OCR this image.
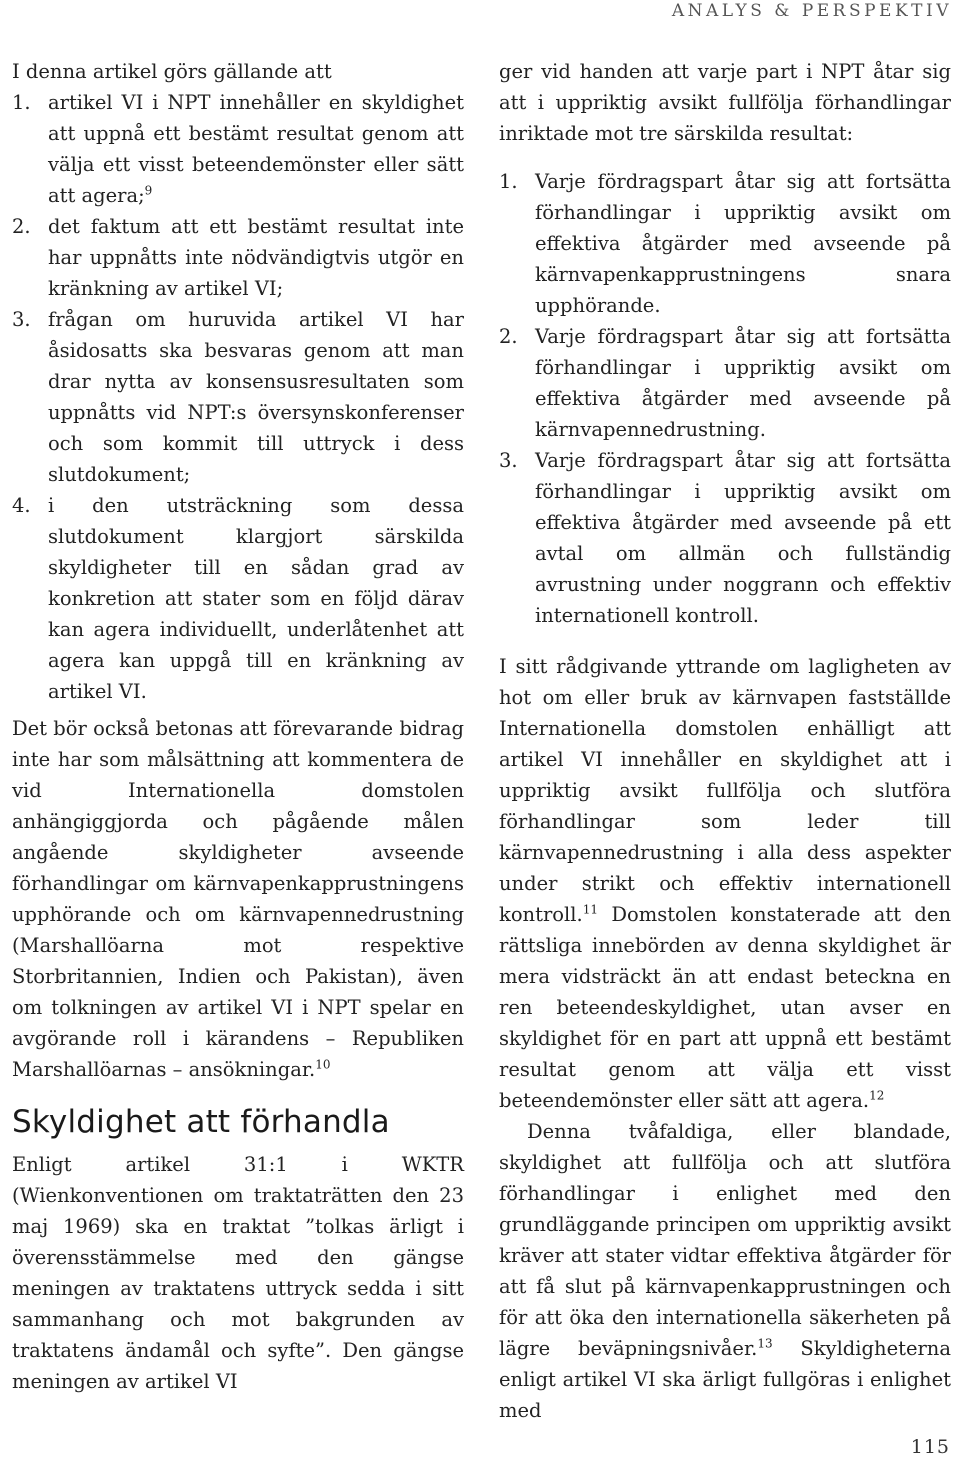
ANALYS & PERSPEKTIV

I denna artikel görs gällande att

1. artikel VI i NPT innehåller en skyldighet att uppnå ett bestämt resultat genom att välja ett visst beteendemönster eller sätt att agera;$^9$
2. det faktum att ett bestämt resultat inte har uppnåtts inte nödvändigtvis utgör en kränkning av artikel VI;
3. frågan om huruvida artikel VI har åsidosatts ska besvaras genom att man drar nytta av konsensusresultaten som uppnåtts vid NPT:s översynskonferenser och som kommit till uttryck i dess slutdokument;
4. i den utsträckning som dessa slutdokument klargjort särskilda skyldigheter till en sådan grad av konkretion att stater som en följd därav kan agera individuellt, underlåtenhet att agera kan uppgå till en kränkning av artikel VI.

Det bör också betonas att förevarande bidrag inte har som målsättning att kommentera de vid Internationella domstolen anhängiggjorda och pågående målen angående skyldigheter avseende förhandlingar om kärnvapenkapprustningens upphörande och om kärnvapennedrustning (Marshallöarna mot respektive Storbritannien, Indien och Pakistan), även om tolkningen av artikel VI i NPT spelar en avgörande roll i kärandens – Republiken Marshallöarnas – ansökningar.$^{10}$

Skyldighet att förhandla

Enligt artikel 31:1 i WKTR (Wienkonventionen om traktaträtten den 23 maj 1969) ska en traktat ”tolkas ärligt i överensstämmelse med den gängse meningen av traktatens uttryck sedda i sitt sammanhang och mot bakgrunden av traktatens ändamål och syfte”. Den gängse meningen av artikel VI

ger vid handen att varje part i NPT åtar sig att i uppriktig avsikt fullfölja förhandlingar inriktade mot tre särskilda resultat:

1. Varje fördragspart åtar sig att fortsätta förhandlingar i uppriktig avsikt om effektiva åtgärder med avseende på kärnvapenkapprustningens snara upphörande.
2. Varje fördragspart åtar sig att fortsätta förhandlingar i uppriktig avsikt om effektiva åtgärder med avseende på kärnvapennedrustning.
3. Varje fördragspart åtar sig att fortsätta förhandlingar i uppriktig avsikt om effektiva åtgärder med avseende på ett avtal om allmän och fullständig avrustning under noggrann och effektiv internationell kontroll.

I sitt rådgivande yttrande om lagligheten av hot om eller bruk av kärnvapen fastställde Internationella domstolen enhälligt att artikel VI innehåller en skyldighet att i uppriktig avsikt fullfölja och slutföra förhandlingar som leder till kärnvapennedrustning i alla dess aspekter under strikt och effektiv internationell kontroll.$^{11}$ Domstolen konstaterade att den rättsliga innebörden av denna skyldighet är mera vidsträckt än att endast beteckna en ren beteendeskyldighet, utan avser en skyldighet för en part att uppnå ett bestämt resultat genom att välja ett visst beteendemönster eller sätt att agera.$^{12}$

Denna tvåfaldiga, eller blandade, skyldighet att fullfölja och att slutföra förhandlingar i enlighet med den grundläggande principen om uppriktig avsikt kräver att stater vidtar effektiva åtgärder för att få slut på kärnvapenkapprustningen och för att öka den internationella säkerheten på lägre beväpningsnivåer.$^{13}$ Skyldigheterna enligt artikel VI ska ärligt fullgöras i enlighet med

115
